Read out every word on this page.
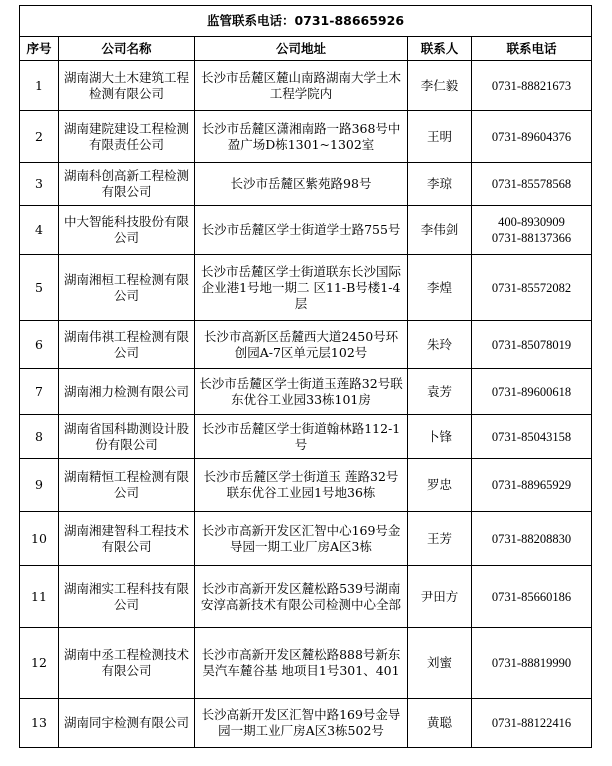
监管联系电话：0731-88665926				
序号	公司名称	公司地址	联系人	联系电话
1	湖南湖大土木建筑工程检测有限公司	长沙市岳麓区麓山南路湖南大学土木工程学院内	李仁毅	0731-88821673

2	湖南建院建设工程检测有限责任公司	长沙市岳麓区潇湘南路一路368号中盈广场D栋1301~1302室	王明	0731-89604376

3	湖南科创高新工程检测有限公司	长沙市岳麓区紫苑路98号	李琼	0731-85578568

4	中大智能科技股份有限公司	长沙市岳麓区学士街道学士路755号	李伟剑	400-8930909
0731-88137366

5	湖南湘桓工程检测有限公司	长沙市岳麓区学士街道联东长沙国际企业港1号地一期二 区11-B号楼1-4层	李煌	0731-85572082

6	湖南伟祺工程检测有限公司	长沙市高新区岳麓西大道2450号环创园A-7区单元层102号	朱玲	0731-85078019

7	湖南湘力检测有限公司	长沙市岳麓区学士街道玉莲路32号联东优谷工业园33栋101房	袁芳	0731-89600618

8	湖南省国科勘测设计股份有限公司	长沙市岳麓区学士街道翰林路112-1号	卜锋	0731-85043158

9	湖南精恒工程检测有限公司	长沙市岳麓区学士街道玉 莲路32号联东优谷工业园1号地36栋	罗忠	0731-88965929

10	湖南湘建智科工程技术有限公司	长沙市高新开发区汇智中心169号金导园一期工业厂房A区3栋	王芳	0731-88208830

11	湖南湘实工程科技有限公司	长沙市高新开发区麓松路539号湖南安淳高新技术有限公司检测中心全部	尹田方	0731-85660186

12	湖南中丞工程检测技术有限公司	长沙市高新开发区麓松路888号新东昊汽车麓谷基 地项目1号301、401	刘蜜	0731-88819990

13	湖南同宇检测有限公司	长沙高新开发区汇智中路169号金导园一期工业厂房A区3栋502号	黄聪	0731-88122416
